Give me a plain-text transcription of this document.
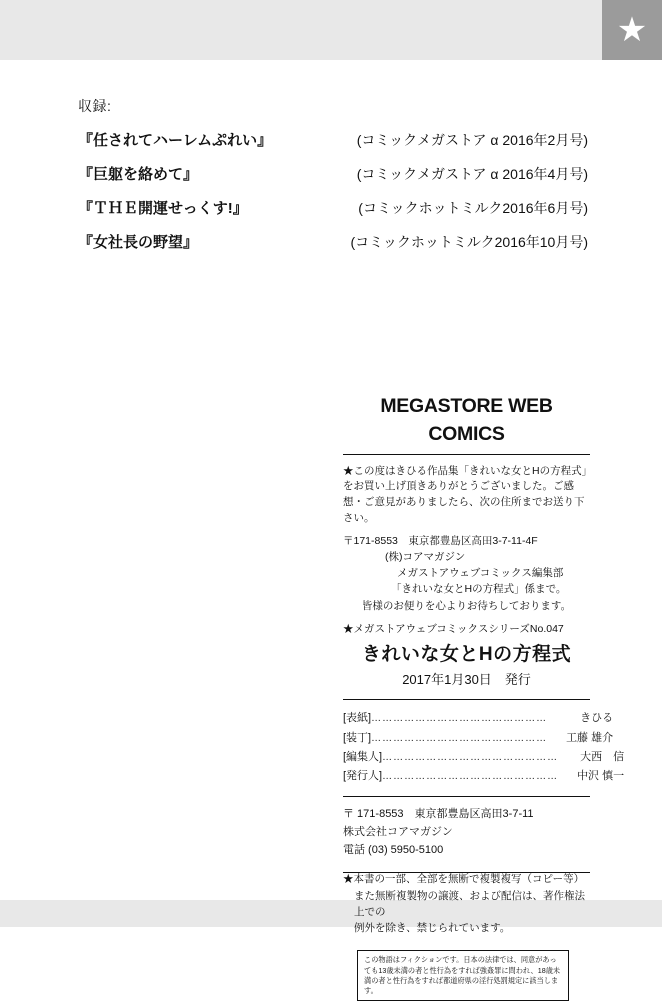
★
収録:
『任されてハーレムぷれい』	(コミックメガストア α 2016年2月号)
『巨躯を絡めて』	(コミックメガストア α 2016年4月号)
『ＴＨＥ開運せっくす!』	(コミックホットミルク2016年6月号)
『女社長の野望』	(コミックホットミルク2016年10月号)
MEGASTORE WEB COMICS

★この度はきひる作品集「きれいな女とHの方程式」をお買い上げ頂きありがとうございました。ご感想・ご意見がありましたら、次の住所までお送り下さい。

〒171-8553　東京都豊島区高田3-7-11-4F
(株)コアマガジン
メガストアウェブコミックス編集部
「きれいな女とHの方程式」係まで。
皆様のお便りを心よりお待ちしております。
★メガストアウェブコミックスシリーズNo.047
きれいな女とHの方程式
2017年1月30日　発行
[表紙] …………………………………………	きひる
[装丁] …………………………………………	工藤 雄介
[編集人] …………………………………………	大西　信
[発行人] …………………………………………	中沢 慎一
〒 171-8553　東京都豊島区高田3-7-11
株式会社コアマガジン
電話 (03) 5950-5100
★本書の一部、全部を無断で複製複写（コピー等）
また無断複製物の譲渡、および配信は、著作権法上での
例外を除き、禁じられています。
この物語はフィクションです。日本の法律では、同意があっても13歳未満の者と性行為をすれば強姦罪に問われ、18歳未満の者と性行為をすれば都道府県の淫行処罰規定に該当します。
